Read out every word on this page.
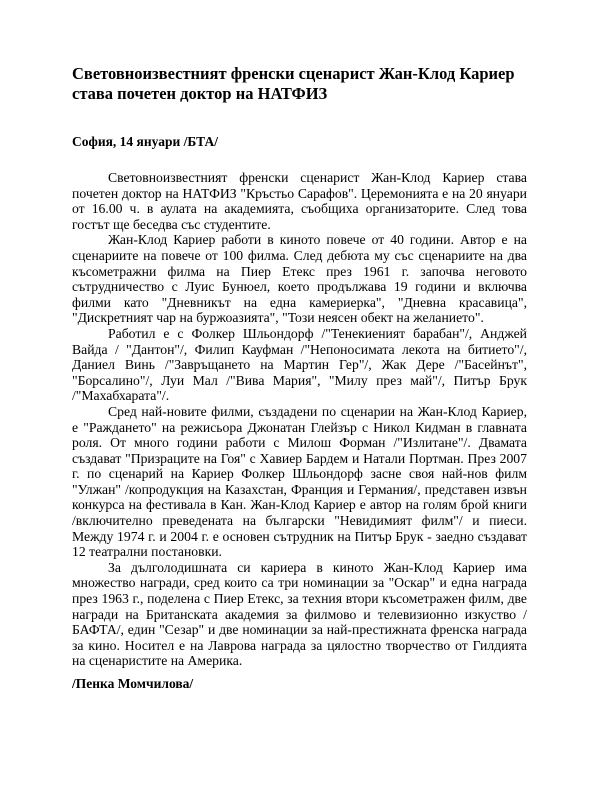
Световноизвестният френски сценарист Жан-Клод Кариер става почетен доктор на НАТФИЗ

София, 14 януари /БТА/

Световноизвестният френски сценарист Жан-Клод Кариер става почетен доктор на НАТФИЗ "Кръстьо Сарафов". Церемонията е на 20 януари от 16.00 ч. в аулата на академията, съобщиха организаторите. След това гостът ще беседва със студентите.

Жан-Клод Кариер работи в киното повече от 40 години. Автор е на сценариите на повече от 100 филма. След дебюта му със сценариите на два късометражни филма на Пиер Етекс през 1961 г. започва неговото сътрудничество с Луис Бунюел, което продължава 19 години и включва филми като "Дневникът на една камериерка", "Дневна красавица", "Дискретният чар на буржоазията", "Този неясен обект на желанието".

Работил е с Фолкер Шльондорф /"Тенекиеният барабан"/, Анджей Вайда / "Дантон"/, Филип Кауфман /"Непоносимата лекота на битието"/, Даниел Винь /"Завръщането на Мартин Гер"/, Жак Дере /"Басейнът", "Борсалино"/, Луи Мал /"Вива Мария", "Милу през май"/, Питър Брук /"Махабхарата"/.

Сред най-новите филми, създадени по сценарии на Жан-Клод Кариер, е "Раждането" на режисьора Джонатан Глейзър с Никол Кидман в главната роля. От много години работи с Милош Форман /"Излитане"/. Двамата създават "Призраците на Гоя" с Хавиер Бардем и Натали Портман. През 2007 г. по сценарий на Кариер Фолкер Шльондорф засне своя най-нов филм "Улжан" /копродукция на Казахстан, Франция и Германия/, представен извън конкурса на фестивала в Кан. Жан-Клод Кариер е автор на голям брой книги /включително преведената на български "Невидимият филм"/ и пиеси. Между 1974 г. и 2004 г. е основен сътрудник на Питър Брук - заедно създават 12 театрални постановки.

За дълголодишната си кариера в киното Жан-Клод Кариер има множество награди, сред които са три номинации за "Оскар" и една награда през 1963 г., поделена с Пиер Етекс, за техния втори късометражен филм, две награди на Британската академия за филмово и телевизионно изкуство /БАФТА/, един "Сезар" и две номинации за най-престижната френска награда за кино. Носител е на Лаврова награда за цялостно творчество от Гилдията на сценаристите на Америка.

/Пенка Момчилова/
